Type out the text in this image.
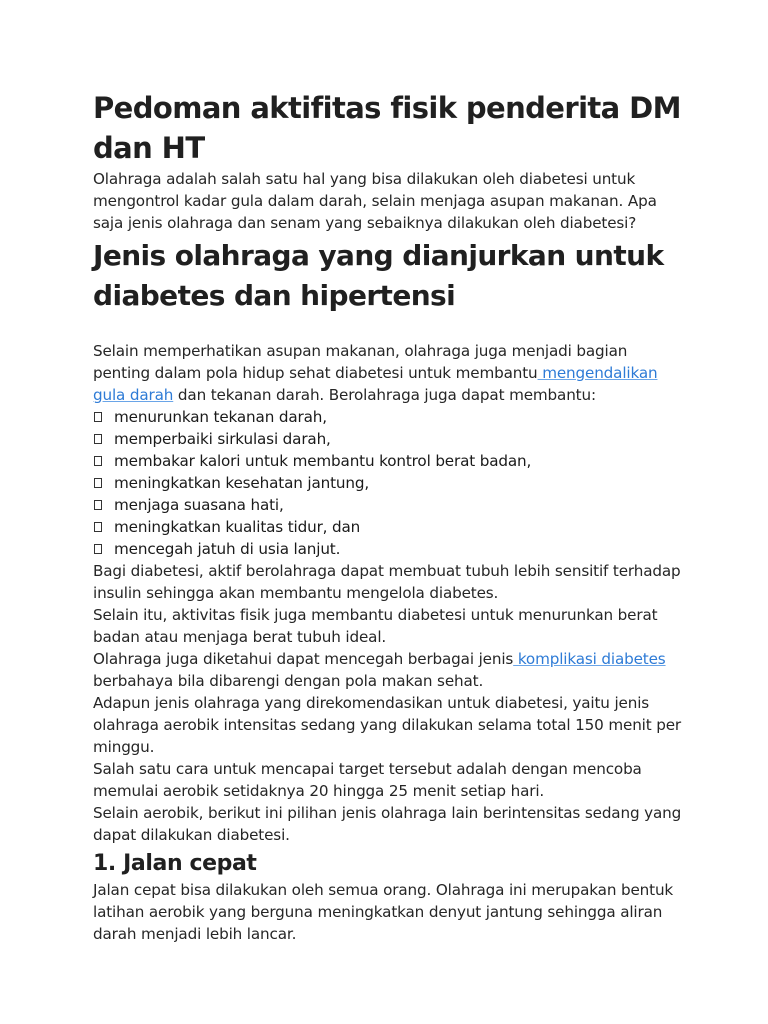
Pedoman aktifitas fisik penderita DM dan HT

Olahraga adalah salah satu hal yang bisa dilakukan oleh diabetesi untuk mengontrol kadar gula dalam darah, selain menjaga asupan makanan. Apa saja jenis olahraga dan senam yang sebaiknya dilakukan oleh diabetesi?

Jenis olahraga yang dianjurkan untuk diabetes dan hipertensi

Selain memperhatikan asupan makanan, olahraga juga menjadi bagian penting dalam pola hidup sehat diabetesi untuk membantu mengendalikan gula darah dan tekanan darah. Berolahraga juga dapat membantu:

menurunkan tekanan darah,
memperbaiki sirkulasi darah,
membakar kalori untuk membantu kontrol berat badan,
meningkatkan kesehatan jantung,
menjaga suasana hati,
meningkatkan kualitas tidur, dan
mencegah jatuh di usia lanjut.

Bagi diabetesi, aktif berolahraga dapat membuat tubuh lebih sensitif terhadap insulin sehingga akan membantu mengelola diabetes.

Selain itu, aktivitas fisik juga membantu diabetesi untuk menurunkan berat badan atau menjaga berat tubuh ideal.

Olahraga juga diketahui dapat mencegah berbagai jenis komplikasi diabetes berbahaya bila dibarengi dengan pola makan sehat.

Adapun jenis olahraga yang direkomendasikan untuk diabetesi, yaitu jenis olahraga aerobik intensitas sedang yang dilakukan selama total 150 menit per minggu.

Salah satu cara untuk mencapai target tersebut adalah dengan mencoba memulai aerobik setidaknya 20 hingga 25 menit setiap hari.

Selain aerobik, berikut ini pilihan jenis olahraga lain berintensitas sedang yang dapat dilakukan diabetesi.

1. Jalan cepat

Jalan cepat bisa dilakukan oleh semua orang. Olahraga ini merupakan bentuk latihan aerobik yang berguna meningkatkan denyut jantung sehingga aliran darah menjadi lebih lancar.
